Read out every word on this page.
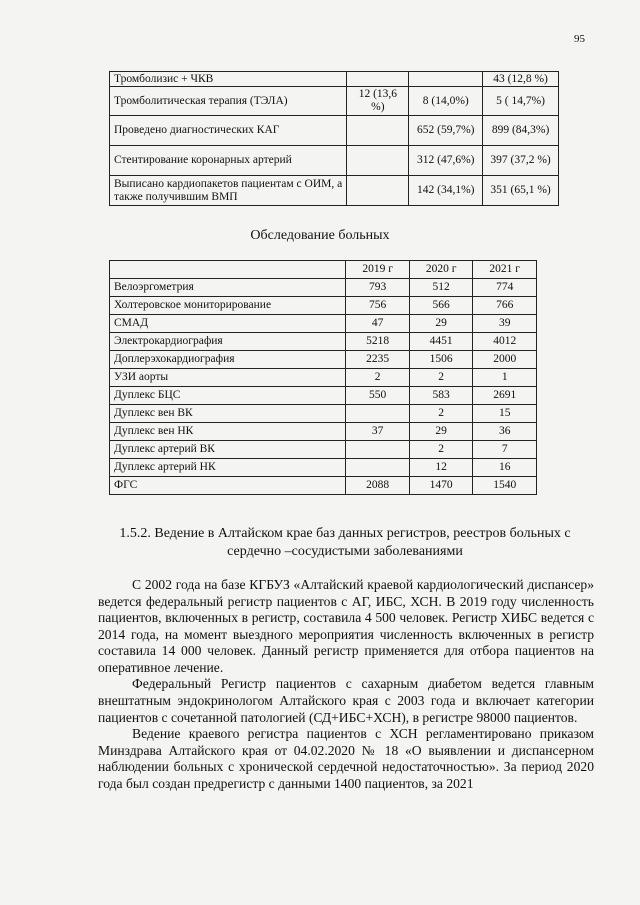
95
Тромболизис + ЧКВ			43 (12,8 %)
Тромболитическая терапия (ТЭЛА)	12 (13,6 %)	8 (14,0%)	5 ( 14,7%)
Проведено диагностических КАГ		652 (59,7%)	899 (84,3%)
Стентирование коронарных артерий		312 (47,6%)	397 (37,2 %)
Выписано кардиопакетов пациентам с ОИМ, а также получившим ВМП		142 (34,1%)	351 (65,1 %)
Обследование больных
	2019 г	2020 г	2021 г
Велоэргометрия	793	512	774
Холтеровское мониторирование	756	566	766
СМАД	47	29	39
Электрокардиография	5218	4451	4012
Доплерэхокардиография	2235	1506	2000
УЗИ аорты	2	2	1
Дуплекс БЦС	550	583	2691
Дуплекс вен ВК		2	15
Дуплекс вен НК	37	29	36
Дуплекс артерий ВК		2	7
Дуплекс артерий НК		12	16
ФГС	2088	1470	1540
1.5.2. Ведение в Алтайском крае баз данных регистров, реестров больных с сердечно –сосудистыми заболеваниями

С 2002 года на базе КГБУЗ «Алтайский краевой кардиологический диспансер» ведется федеральный регистр пациентов с АГ, ИБС, ХСН. В 2019 году численность пациентов, включенных в регистр, составила 4 500 человек. Регистр ХИБС ведется с 2014 года, на момент выездного мероприятия численность включенных в регистр составила 14 000 человек. Данный регистр применяется для отбора пациентов на оперативное лечение.

Федеральный Регистр пациентов с сахарным диабетом ведется главным внештатным эндокринологом Алтайского края с 2003 года и включает категории пациентов с сочетанной патологией (СД+ИБС+ХСН), в регистре 98000 пациентов.

Ведение краевого регистра пациентов с ХСН регламентировано приказом Минздрава Алтайского края от 04.02.2020 № 18 «О выявлении и диспансерном наблюдении больных с хронической сердечной недостаточностью». За период 2020 года был создан предрегистр с данными 1400 пациентов, за 2021
